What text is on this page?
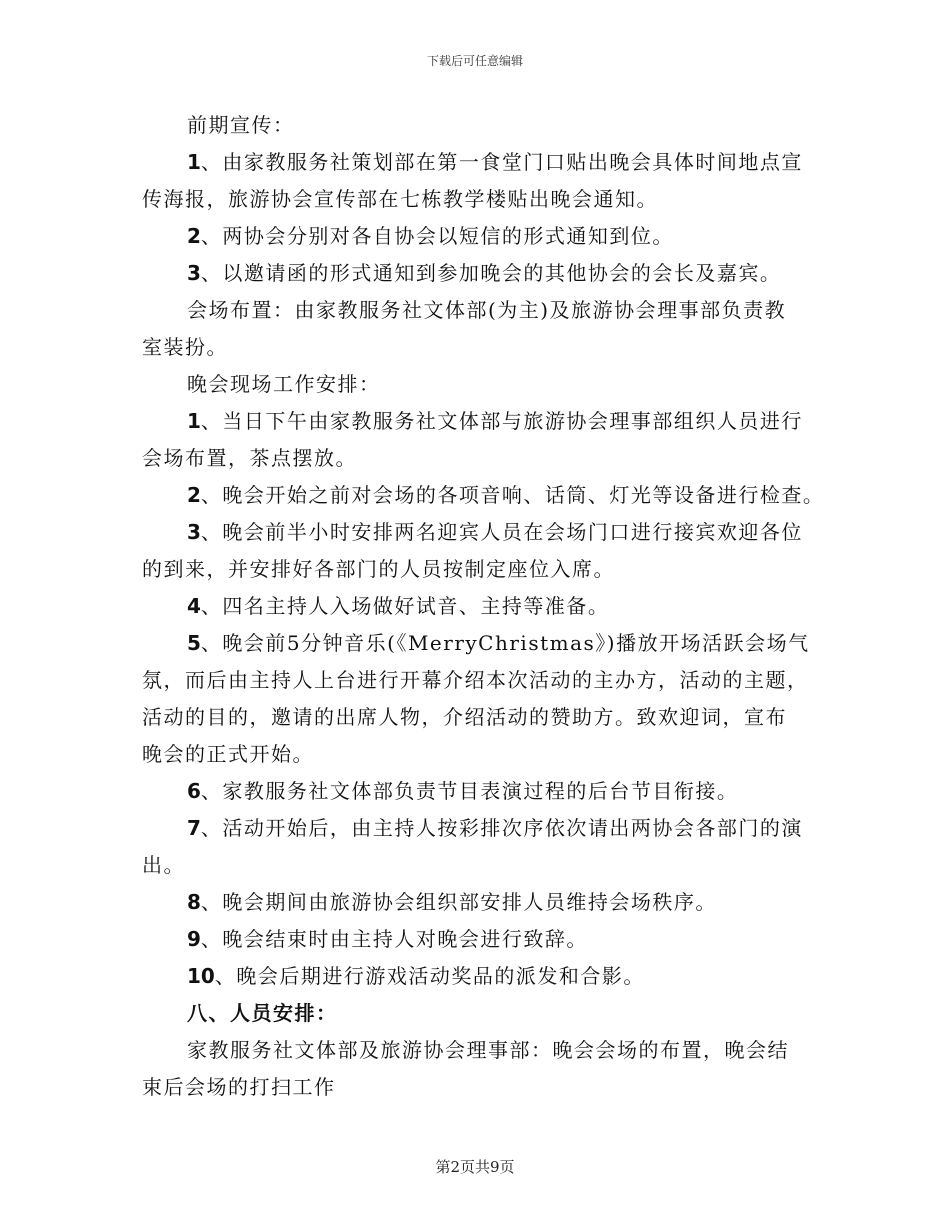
下载后可任意编辑
前期宣传：
1、由家教服务社策划部在第一食堂门口贴出晚会具体时间地点宣
传海报，旅游协会宣传部在七栋教学楼贴出晚会通知。
2、两协会分别对各自协会以短信的形式通知到位。
3、以邀请函的形式通知到参加晚会的其他协会的会长及嘉宾。
会场布置：由家教服务社文体部(为主)及旅游协会理事部负责教
室装扮。
晚会现场工作安排：
1、当日下午由家教服务社文体部与旅游协会理事部组织人员进行
会场布置，茶点摆放。
2、晚会开始之前对会场的各项音响、话筒、灯光等设备进行检查。
3、晚会前半小时安排两名迎宾人员在会场门口进行接宾欢迎各位
的到来，并安排好各部门的人员按制定座位入席。
4、四名主持人入场做好试音、主持等准备。
5、晚会前5分钟音乐(《MerryChristmas》)播放开场活跃会场气
氛，而后由主持人上台进行开幕介绍本次活动的主办方，活动的主题，
活动的目的，邀请的出席人物，介绍活动的赞助方。致欢迎词，宣布
晚会的正式开始。
6、家教服务社文体部负责节目表演过程的后台节目衔接。
7、活动开始后，由主持人按彩排次序依次请出两协会各部门的演
出。
8、晚会期间由旅游协会组织部安排人员维持会场秩序。
9、晚会结束时由主持人对晚会进行致辞。
10、晚会后期进行游戏活动奖品的派发和合影。
八、人员安排：
家教服务社文体部及旅游协会理事部：晚会会场的布置，晚会结
束后会场的打扫工作
第2页共9页
